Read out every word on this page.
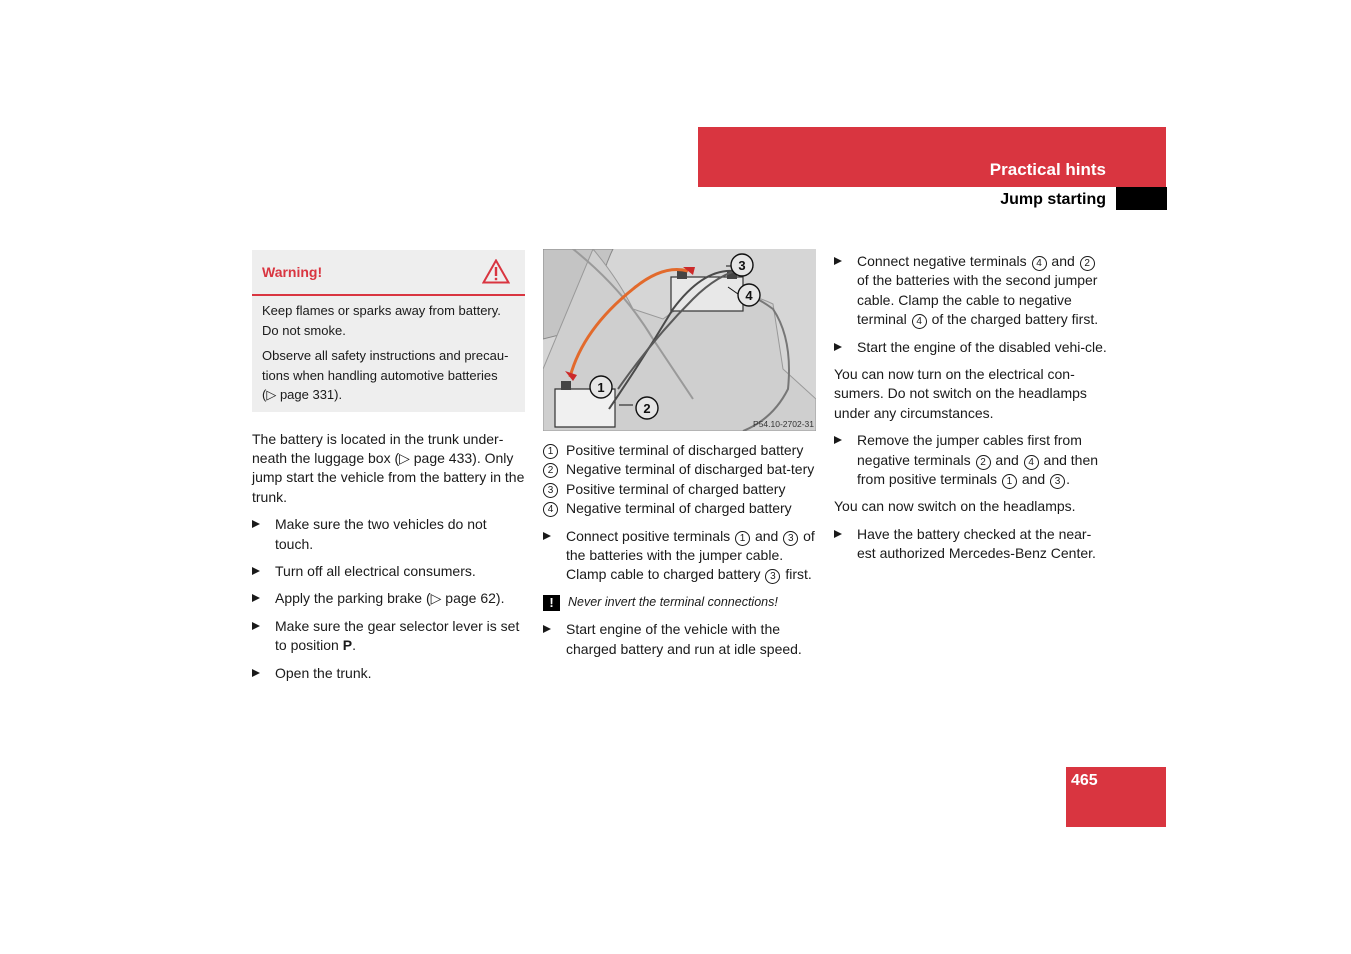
Practical hints
Jump starting
Warning!

Keep flames or sparks away from battery. Do not smoke.

Observe all safety instructions and precau-tions when handling automotive batteries (▷ page 331).

The battery is located in the trunk under-neath the luggage box (▷ page 433). Only jump start the vehicle from the battery in the trunk.

Make sure the two vehicles do not touch.
Turn off all electrical consumers.
Apply the parking brake (▷ page 62).
Make sure the gear selector lever is set to position P.
Open the trunk.
1
2
3
4
P54.10-2702-31
1 Positive terminal of discharged battery
2 Negative terminal of discharged bat-tery
3 Positive terminal of charged battery
4 Negative terminal of charged battery
Connect positive terminals 1 and 3 of the batteries with the jumper cable. Clamp cable to charged battery 3 first.
!	Never invert the terminal connections!
Start engine of the vehicle with the charged battery and run at idle speed.
Connect negative terminals 4 and 2 of the batteries with the second jumper cable. Clamp the cable to negative terminal 4 of the charged battery first.
Start the engine of the disabled vehi-cle.

You can now turn on the electrical con-sumers. Do not switch on the headlamps under any circumstances.

Remove the jumper cables first from negative terminals 2 and 4 and then from positive terminals 1 and 3 .

You can now switch on the headlamps.

Have the battery checked at the near-est authorized Mercedes-Benz Center.
465
